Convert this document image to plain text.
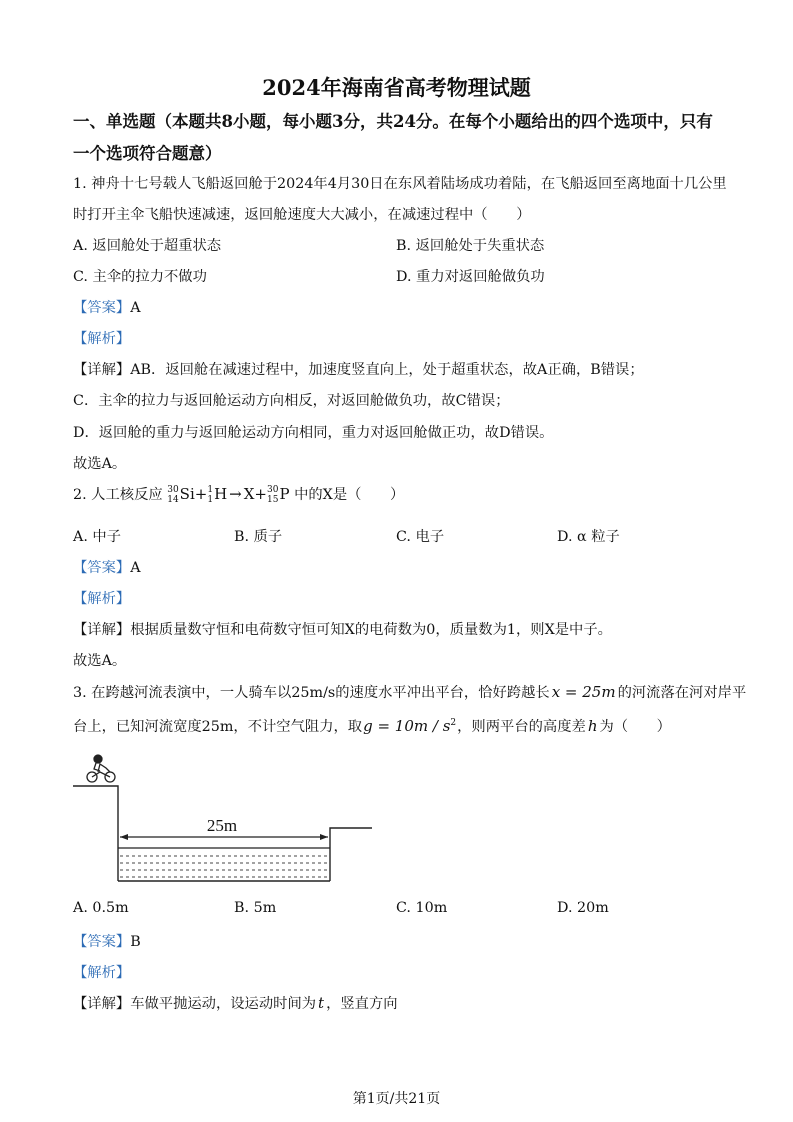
2024年海南省高考物理试题
一、单选题（本题共8小题，每小题3分，共24分。在每个小题给出的四个选项中，只有
一个选项符合题意）
1. 神舟十七号载人飞船返回舱于2024年4月30日在东风着陆场成功着陆，在飞船返回至离地面十几公里
时打开主伞飞船快速减速，返回舱速度大大减小，在减速过程中（　　）
A. 返回舱处于超重状态	B. 返回舱处于失重状态
C. 主伞的拉力不做功	D. 重力对返回舱做负功
【答案】A
【解析】
【详解】AB．返回舱在减速过程中，加速度竖直向上，处于超重状态，故A正确，B错误；
C．主伞的拉力与返回舱运动方向相反，对返回舱做负功，故C错误；
D．返回舱的重力与返回舱运动方向相同，重力对返回舱做正功，故D错误。
故选A。
2. 人工核反应 30
14 Si+ 1
1 H → X+ 30
15 P 中的X是（　　）
A. 中子	B. 质子	C. 电子	D. α 粒子
【答案】A
【解析】
【详解】根据质量数守恒和电荷数守恒可知X的电荷数为0，质量数为1，则X是中子。
故选A。
3. 在跨越河流表演中，一人骑车以25m/s的速度水平冲出平台，恰好跨越长 x = 25m 的河流落在河对岸平
台上，已知河流宽度25m，不计空气阻力，取$g = 10m / s^2$，则两平台的高度差 h 为（　　）
25m
A. 0.5m	B. 5m	C. 10m	D. 20m
【答案】B
【解析】
【详解】车做平抛运动，设运动时间为 t ，竖直方向
第1页/共21页
